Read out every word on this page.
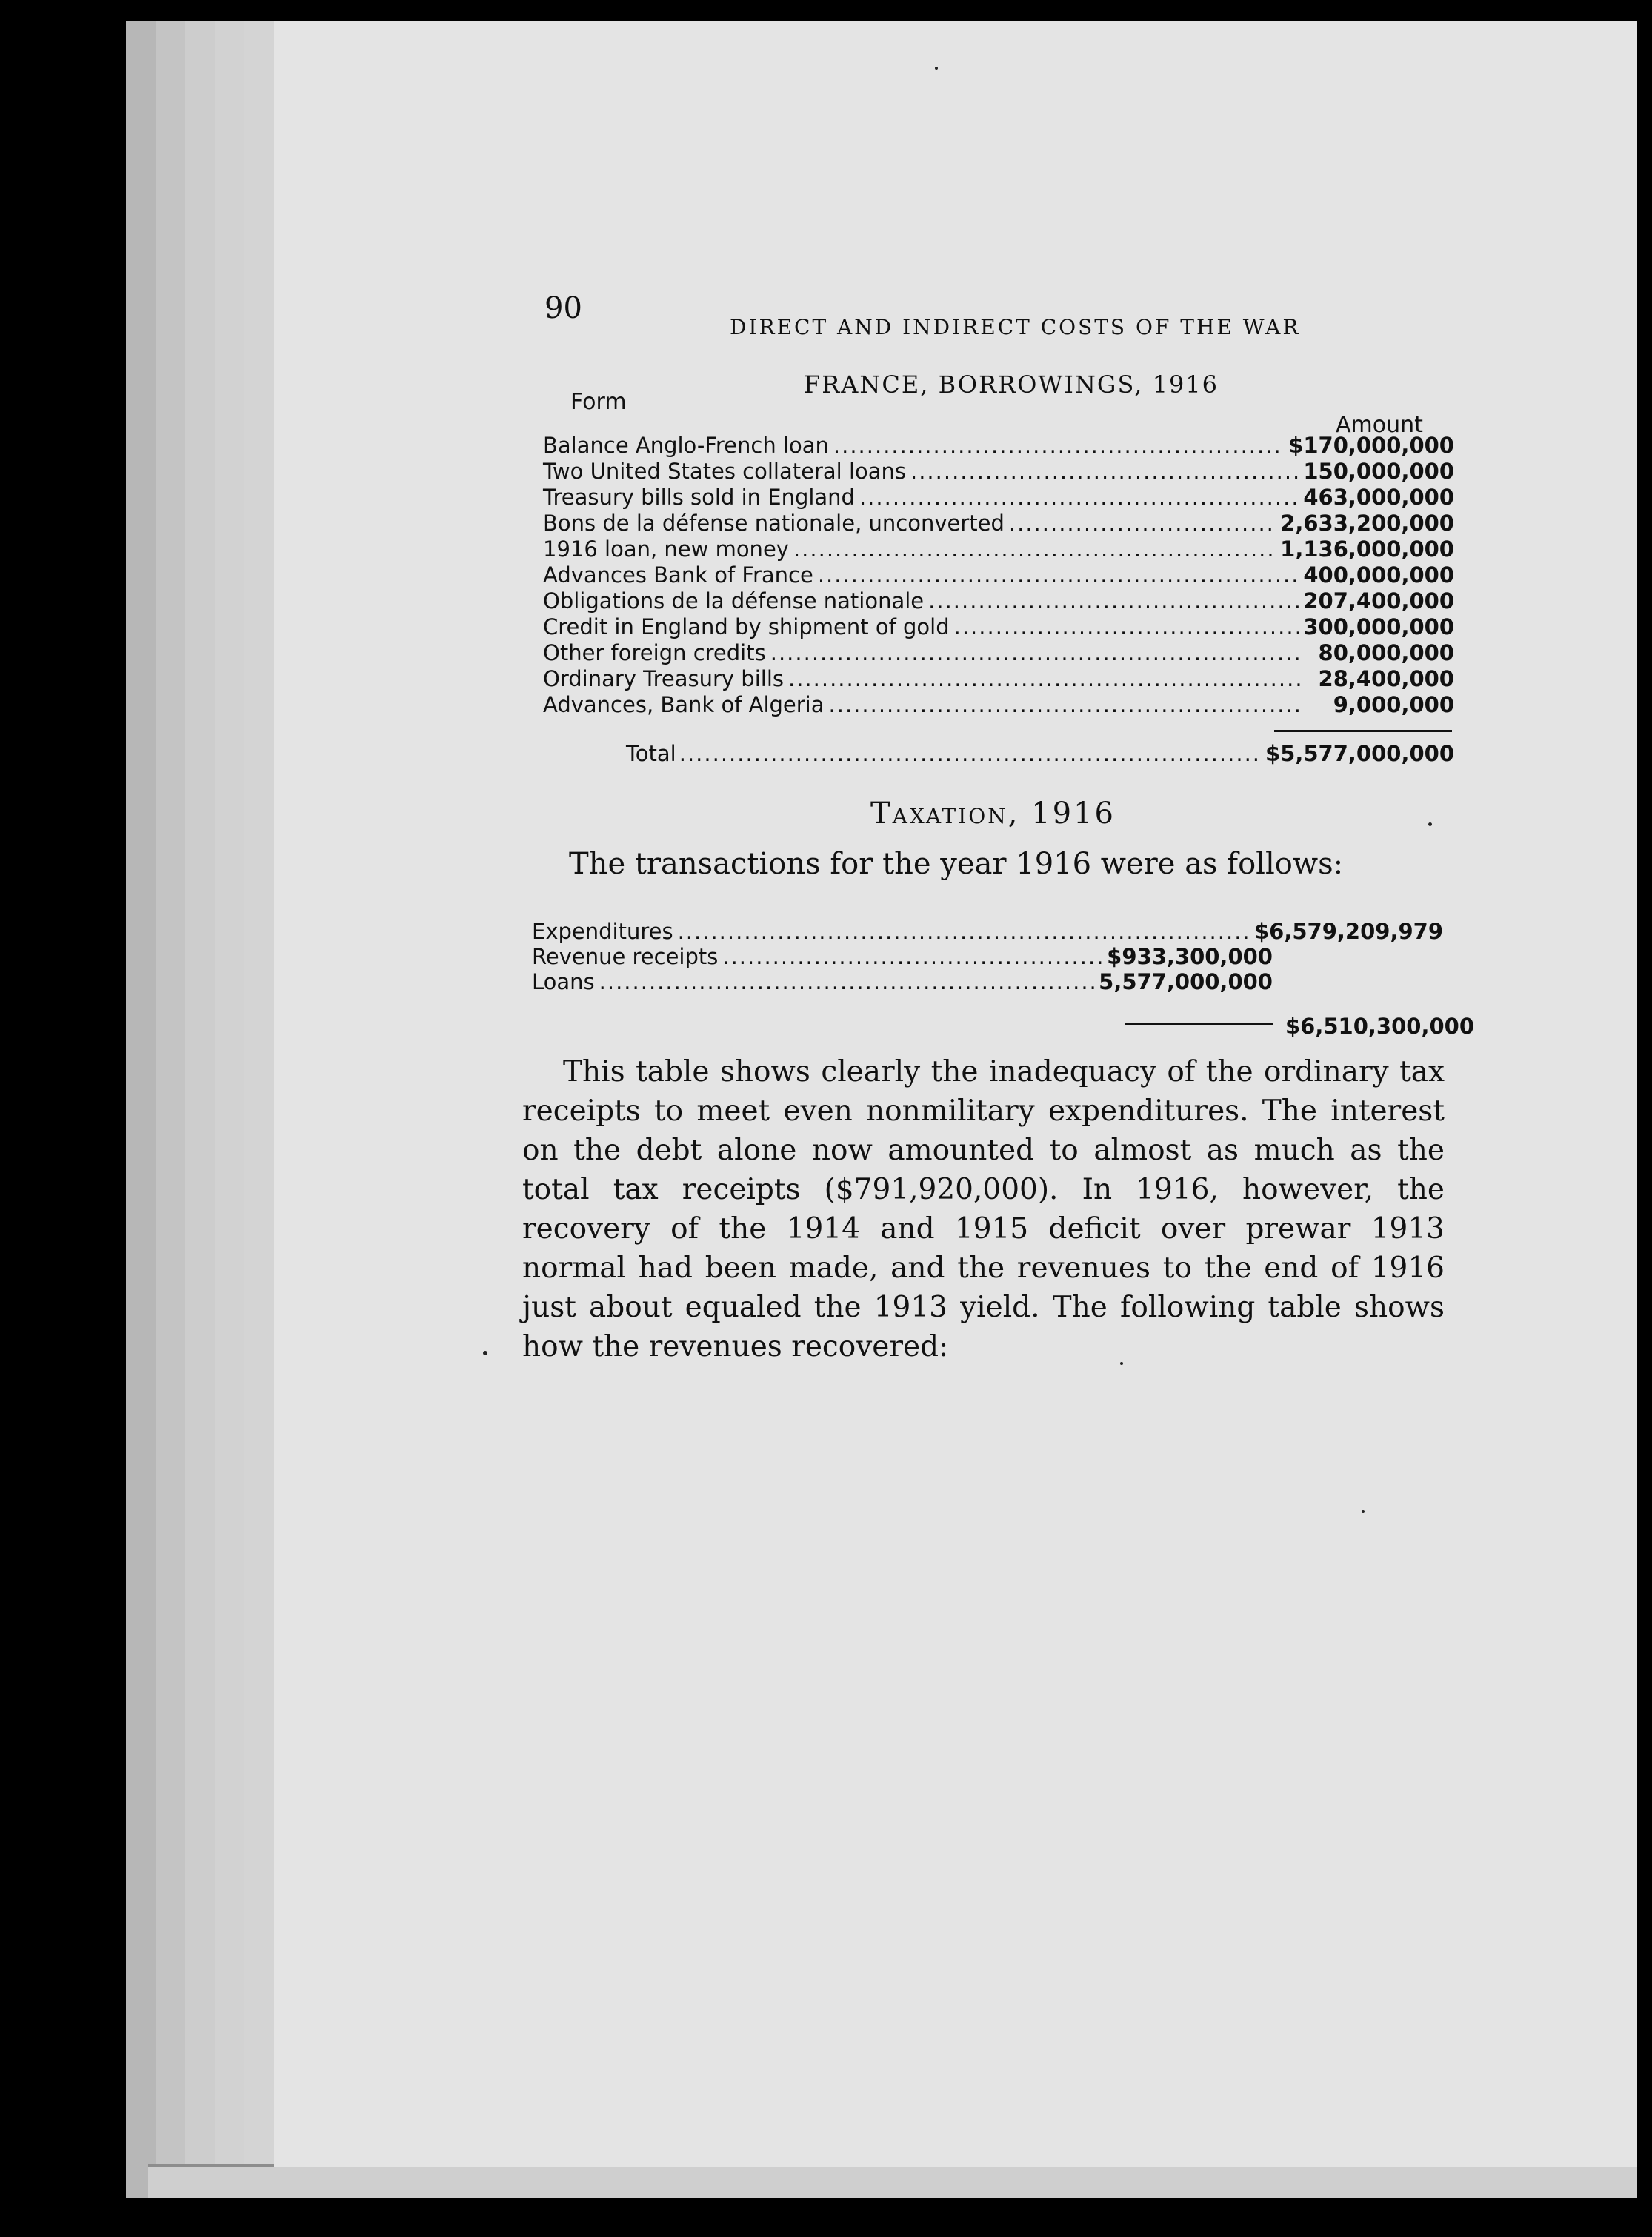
90
DIRECT AND INDIRECT COSTS OF THE WAR
FRANCE, BORROWINGS, 1916
Form
Amount
Balance Anglo-French loan .....	$170,000,000
Two United States collateral loans .....	150,000,000
Treasury bills sold in England .....	463,000,000
Bons de la défense nationale, unconverted .....	2,633,200,000
1916 loan, new money .....	1,136,000,000
Advances Bank of France .....	400,000,000
Obligations de la défense nationale .....	207,400,000
Credit in England by shipment of gold .....	300,000,000
Other foreign credits .....	80,000,000
Ordinary Treasury bills .....	28,400,000
Advances, Bank of Algeria .....	9,000,000
Total .....	$5,577,000,000
Taxation, 1916
The transactions for the year 1916 were as follows:
Expenditures .....	$6,579,209,979
Revenue receipts .....	$933,300,000
Loans .....	5,577,000,000
$6,510,300,000
This table shows clearly the inadequacy of the ordinary tax receipts to meet even nonmilitary expenditures. The interest on the debt alone now amounted to almost as much as the total tax receipts ($791,920,000). In 1916, however, the recovery of the 1914 and 1915 deficit over prewar 1913 normal had been made, and the revenues to the end of 1916 just about equaled the 1913 yield. The following table shows how the revenues recovered:
